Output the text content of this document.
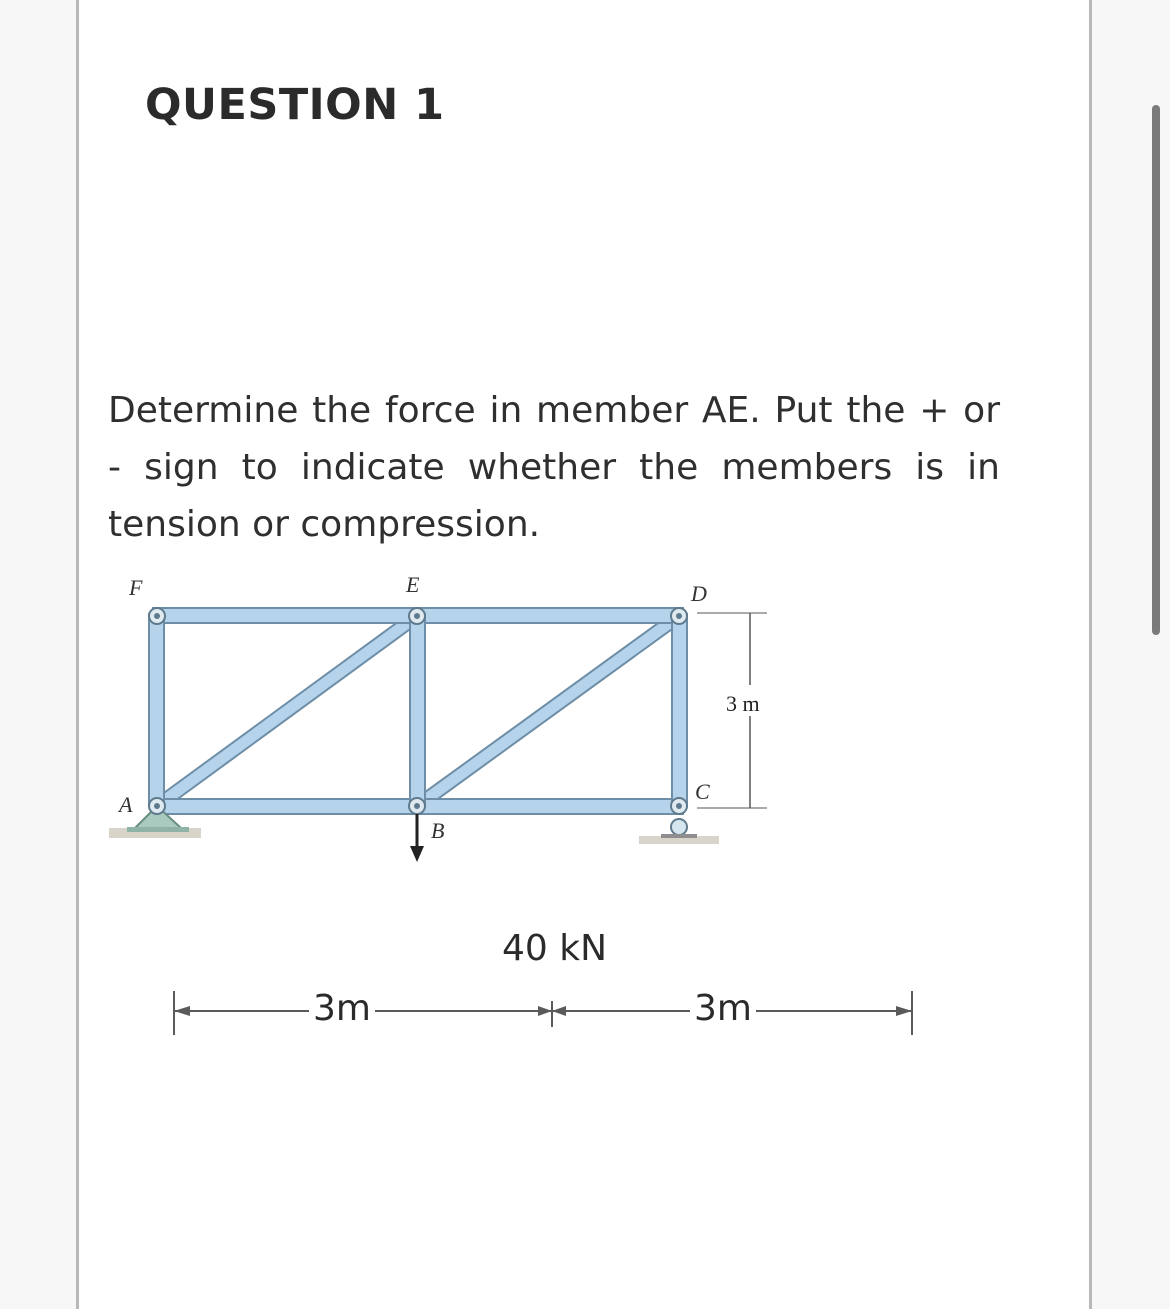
QUESTION 1

Determine the force in member AE. Put the + or - sign to indicate whether the members is in tension or compression.

3 m
F	E	D
A
B
C
40 kN
3m	3m
